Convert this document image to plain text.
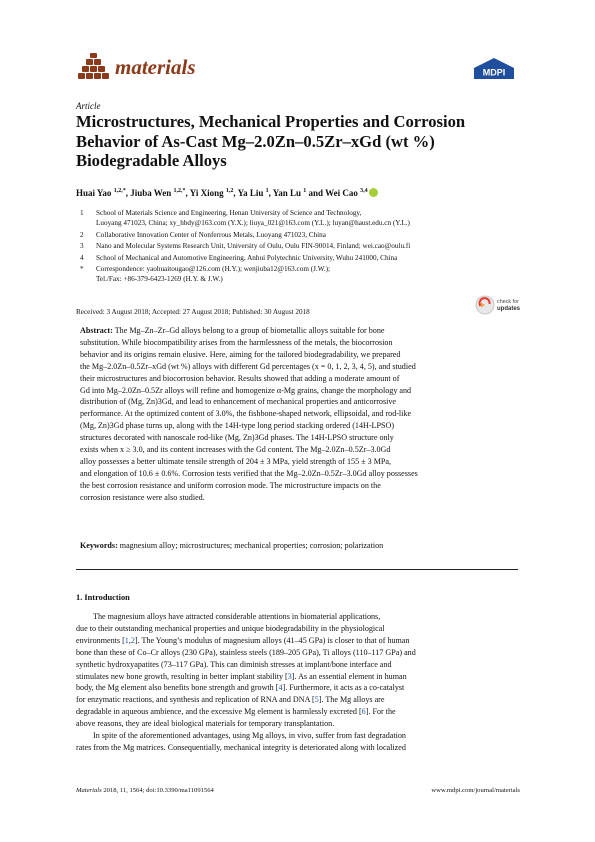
materials	MDPI
Article
Microstructures, Mechanical Properties and Corrosion
Behavior of As-Cast Mg–2.0Zn–0.5Zr–xGd (wt %)
Biodegradable Alloys
Huai Yao $^{1,2,*}$, Jiuba Wen $^{1,2,*}$, Yi Xiong $^{1,2}$, Ya Liu $^1$, Yan Lu $^1$ and Wei Cao $^{3,4}$
1	School of Materials Science and Engineering, Henan University of Science and Technology,
Luoyang 471023, China; xy_hbdy@163.com (Y.X.); liuya_021@163.com (Y.L.); luyan@haust.edu.cn (Y.L.)
2	Collaborative Innovation Center of Nonferrous Metals, Luoyang 471023, China
3	Nano and Molecular Systems Research Unit, University of Oulu, Oulu FIN-90014, Finland; wei.cao@oulu.fi
4	School of Mechanical and Automotive Engineering, Anhui Polytechnic University, Wuhu 241000, China
*	Correspondence: yaohuaitougao@126.com (H.Y.); wenjiuba12@163.com (J.W.);
Tel./Fax: +86-379-6423-1269 (H.Y. & J.W.)
Received: 3 August 2018; Accepted: 27 August 2018; Published: 30 August 2018
check for
updates
Abstract: The Mg–Zn–Zr–Gd alloys belong to a group of biometallic alloys suitable for bone
substitution. While biocompatibility arises from the harmlessness of the metals, the biocorrosion
behavior and its origins remain elusive. Here, aiming for the tailored biodegradability, we prepared
the Mg–2.0Zn–0.5Zr–xGd (wt %) alloys with different Gd percentages (x = 0, 1, 2, 3, 4, 5), and studied
their microstructures and biocorrosion behavior. Results showed that adding a moderate amount of
Gd into Mg–2.0Zn–0.5Zr alloys will refine and homogenize α-Mg grains, change the morphology and
distribution of (Mg, Zn)3Gd, and lead to enhancement of mechanical properties and anticorrosive
performance. At the optimized content of 3.0%, the fishbone-shaped network, ellipsoidal, and rod-like
(Mg, Zn)3Gd phase turns up, along with the 14H-type long period stacking ordered (14H-LPSO)
structures decorated with nanoscale rod-like (Mg, Zn)3Gd phases. The 14H-LPSO structure only
exists when x ≥ 3.0, and its content increases with the Gd content. The Mg–2.0Zn–0.5Zr–3.0Gd
alloy possesses a better ultimate tensile strength of 204 ± 3 MPa, yield strength of 155 ± 3 MPa,
and elongation of 10.6 ± 0.6%. Corrosion tests verified that the Mg–2.0Zn–0.5Zr–3.0Gd alloy possesses
the best corrosion resistance and uniform corrosion mode. The microstructure impacts on the
corrosion resistance were also studied.
Keywords: magnesium alloy; microstructures; mechanical properties; corrosion; polarization
1. Introduction

The magnesium alloys have attracted considerable attentions in biomaterial applications,
due to their outstanding mechanical properties and unique biodegradability in the physiological
environments [1,2]. The Young’s modulus of magnesium alloys (41–45 GPa) is closer to that of human
bone than these of Co–Cr alloys (230 GPa), stainless steels (189–205 GPa), Ti alloys (110–117 GPa) and
synthetic hydroxyapatites (73–117 GPa). This can diminish stresses at implant/bone interface and
stimulates new bone growth, resulting in better implant stability [3]. As an essential element in human
body, the Mg element also benefits bone strength and growth [4]. Furthermore, it acts as a co-catalyst
for enzymatic reactions, and synthesis and replication of RNA and DNA [5]. The Mg alloys are
degradable in aqueous ambience, and the excessive Mg element is harmlessly excreted [6]. For the
above reasons, they are ideal biological materials for temporary transplantation.

In spite of the aforementioned advantages, using Mg alloys, in vivo, suffer from fast degradation
rates from the Mg matrices. Consequentially, mechanical integrity is deteriorated along with localized

Materials 2018, 11, 1564; doi:10.3390/ma11091564	www.mdpi.com/journal/materials
